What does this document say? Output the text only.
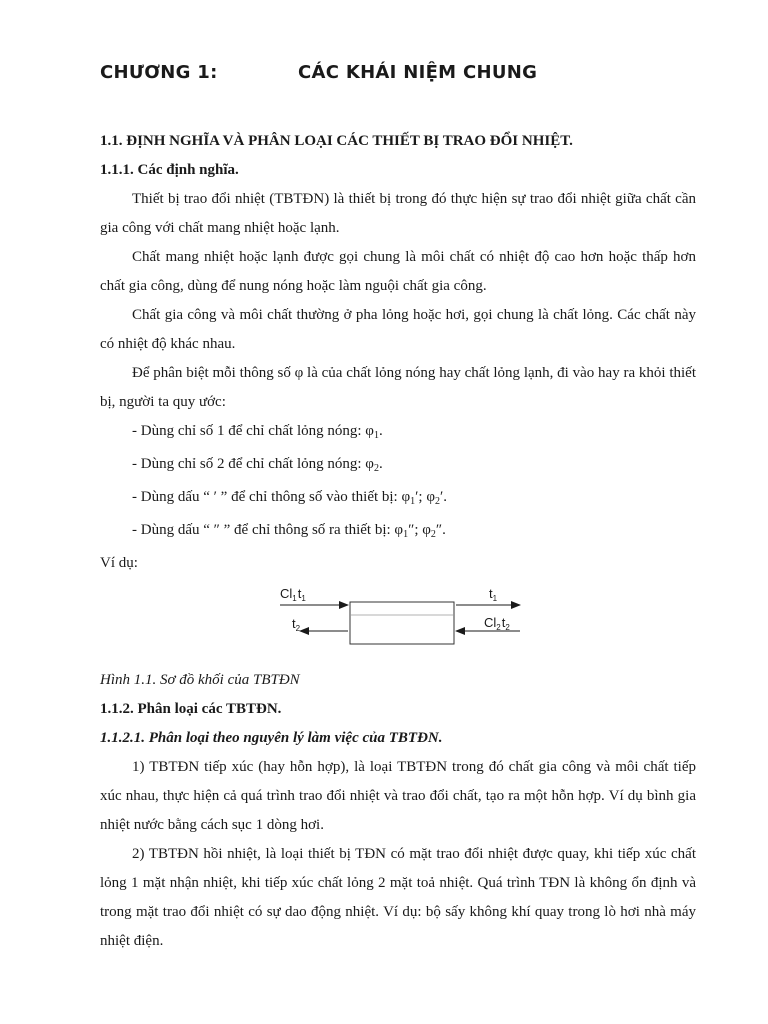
CHƯƠNG 1:	CÁC KHÁI NIỆM CHUNG

1.1. ĐỊNH NGHĨA VÀ PHÂN LOẠI CÁC THIẾT BỊ TRAO ĐỔI NHIỆT.

1.1.1. Các định nghĩa.

Thiết bị trao đổi nhiệt (TBTĐN) là thiết bị trong đó thực hiện sự trao đổi nhiệt giữa chất cần gia công với chất mang nhiệt hoặc lạnh.

Chất mang nhiệt hoặc lạnh được gọi chung là môi chất có nhiệt độ cao hơn hoặc thấp hơn chất gia công, dùng để nung nóng hoặc làm nguội chất gia công.

Chất gia công và môi chất thường ở pha lỏng hoặc hơi, gọi chung là chất lỏng. Các chất này có nhiệt độ khác nhau.

Để phân biệt mỗi thông số φ là của chất lỏng nóng hay chất lỏng lạnh, đi vào hay ra khỏi thiết bị, người ta quy ước:

- Dùng chỉ số 1 để chỉ chất lỏng nóng: $\varphi_1$.

- Dùng chỉ số 2 để chỉ chất lỏng nóng: $\varphi_2$.

- Dùng dấu “ ′ ” để chỉ thông số vào thiết bị: $\varphi_1'$; $\varphi_2'$.

- Dùng dấu “ ″ ” để chỉ thông số ra thiết bị: $\varphi_1''$; $\varphi_2''$.

Ví dụ:

$Cl_1t_1$	$t_1$
$t_2$	$Cl_2t_2$

Hình 1.1. Sơ đồ khối của TBTĐN

1.1.2. Phân loại các TBTĐN.

1.1.2.1. Phân loại theo nguyên lý làm việc của TBTĐN.

1) TBTĐN tiếp xúc (hay hỗn hợp), là loại TBTĐN trong đó chất gia công và môi chất tiếp xúc nhau, thực hiện cả quá trình trao đổi nhiệt và trao đổi chất, tạo ra một hỗn hợp. Ví dụ bình gia nhiệt nước bằng cách sục 1 dòng hơi.

2) TBTĐN hồi nhiệt, là loại thiết bị TĐN có mặt trao đổi nhiệt được quay, khi tiếp xúc chất lỏng 1 mặt nhận nhiệt, khi tiếp xúc chất lỏng 2 mặt toả nhiệt. Quá trình TĐN là không ổn định và trong mặt trao đổi nhiệt có sự dao động nhiệt. Ví dụ: bộ sấy không khí quay trong lò hơi nhà máy nhiệt điện.
